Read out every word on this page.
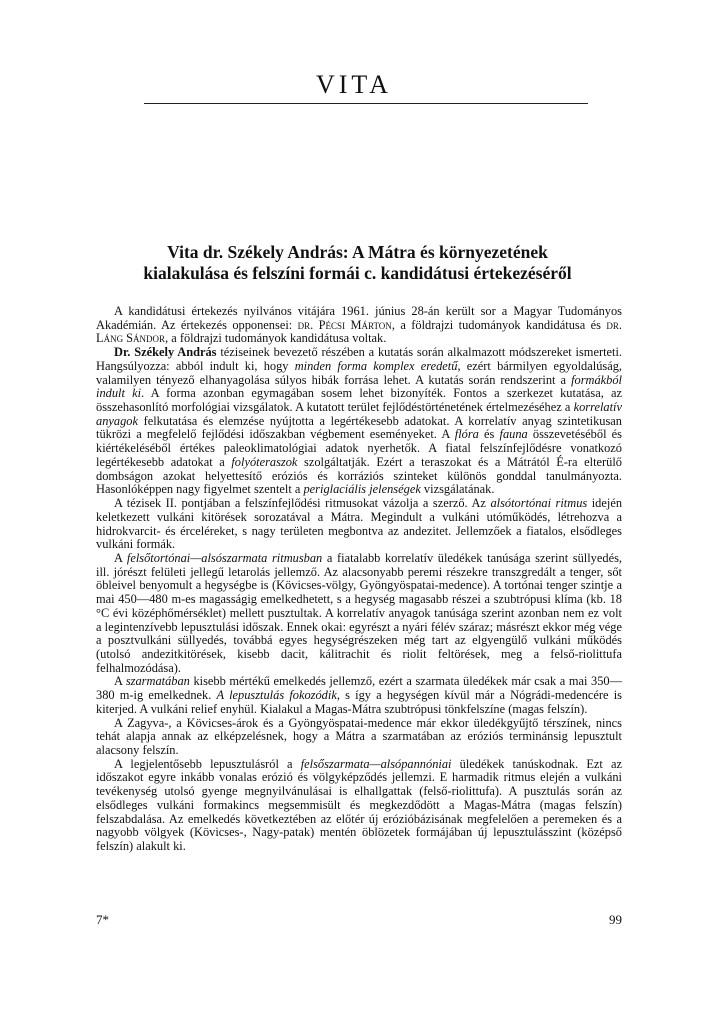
VITA
Vita dr. Székely András: A Mátra és környezetének
kialakulása és felszíni formái c. kandidátusi értekezéséről

A kandidátusi értekezés nyilvános vitájára 1961. június 28-án került sor a Magyar Tudományos Akadémián. Az értekezés opponensei: dr. Pécsi Márton, a földrajzi tudományok kandidátusa és dr. Láng Sándor, a földrajzi tudományok kandidátusa voltak.

Dr. Székely András téziseinek bevezető részében a kutatás során alkalmazott módszereket ismerteti. Hangsúlyozza: abból indult ki, hogy minden forma komplex eredetű, ezért bármilyen egyoldalúság, valamilyen tényező elhanyagolása súlyos hibák forrása lehet. A kutatás során rendszerint a formákból indult ki. A forma azonban egymagában sosem lehet bizonyíték. Fontos a szerkezet kutatása, az összehasonlító morfológiai vizsgálatok. A kutatott terület fejlődéstörténetének értelmezéséhez a korrelatív anyagok felkutatása és elemzése nyújtotta a legértékesebb adatokat. A korrelatív anyag szintetikusan tükrözi a megfelelő fejlődési időszakban végbement eseményeket. A flóra és fauna összevetéséből és kiértékeléséből értékes paleoklimatológiai adatok nyerhetők. A fiatal felszínfejlődésre vonatkozó legértékesebb adatokat a folyóteraszok szolgáltatják. Ezért a teraszokat és a Mátrától É-ra elterülő dombságon azokat helyettesítő eróziós és korráziós szinteket különös gonddal tanulmányozta. Hasonlóképpen nagy figyelmet szentelt a periglaciális jelenségek vizsgálatának.

A tézisek II. pontjában a felszínfejlődési ritmusokat vázolja a szerző. Az alsótortónai ritmus idején keletkezett vulkáni kitörések sorozatával a Mátra. Megindult a vulkáni utóműködés, létrehozva a hidrokvarcit- és érceléreket, s nagy területen megbontva az andezitet. Jellemzőek a fiatalos, elsődleges vulkáni formák.

A felsőtortónai—alsószarmata ritmusban a fiatalabb korrelatív üledékek tanúsága szerint süllyedés, ill. jórészt felületi jellegű letarolás jellemző. Az alacsonyabb peremi részekre transzgredált a tenger, sőt öbleivel benyomult a hegységbe is (Kövicses-völgy, Gyöngyöspatai-medence). A tortónai tenger szintje a mai 450—480 m-es magasságig emelkedhetett, s a hegység magasabb részei a szubtrópusi klíma (kb. 18 °C évi középhőmérséklet) mellett pusztultak. A korrelatív anyagok tanúsága szerint azonban nem ez volt a legintenzívebb lepusztulási időszak. Ennek okai: egyrészt a nyári félév száraz; másrészt ekkor még vége a posztvulkáni süllyedés, továbbá egyes hegységrészeken még tart az elgyengülő vulkáni működés (utolsó andezitkitörések, kisebb dacit, kálitrachit és riolit feltörések, meg a felső-riolittufa felhalmozódása).

A szarmatában kisebb mértékű emelkedés jellemző, ezért a szarmata üledékek már csak a mai 350—380 m-ig emelkednek. A lepusztulás fokozódik, s így a hegységen kívül már a Nógrádi-medencére is kiterjed. A vulkáni relief enyhül. Kialakul a Magas-Mátra szubtrópusi tönkfelszíne (magas felszín).

A Zagyva-, a Kövicses-árok és a Gyöngyöspatai-medence már ekkor üledékgyűjtő térszínek, nincs tehát alapja annak az elképzelésnek, hogy a Mátra a szarmatában az eróziós terminánsig lepusztult alacsony felszín.

A legjelentősebb lepusztulásról a felsőszarmata—alsópannóniai üledékek tanúskodnak. Ezt az időszakot egyre inkább vonalas erózió és völgyképződés jellemzi. E harmadik ritmus elején a vulkáni tevékenység utolsó gyenge megnyilvánulásai is elhallgattak (felső-riolittufa). A pusztulás során az elsődleges vulkáni formakincs megsemmisült és megkezdődött a Magas-Mátra (magas felszín) felszabdalása. Az emelkedés következtében az előtér új erózióbázisának megfelelően a peremeken és a nagyobb völgyek (Kövicses-, Nagy-patak) mentén öblözetek formájában új lepusztulásszint (középső felszín) alakult ki.

7*	99
